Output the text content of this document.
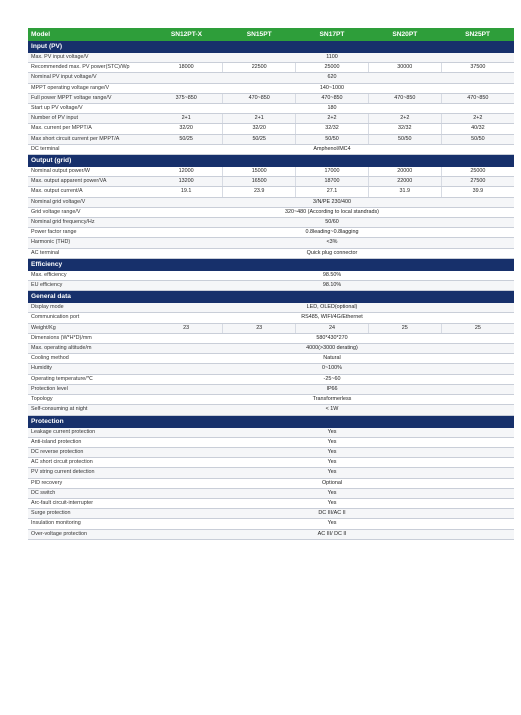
Model	SN12PT-X	SN15PT	SN17PT	SN20PT	SN25PT
Input (PV)					
Max. PV input voltage/V	1100				
Recommended max. PV power(STC)/Wp	18000	22500	25000	30000	37500
Nominal PV input voltage/V	620				
MPPT operating voltage range/V	140~1000				
Full power MPPT voltage range/V	375~850	470~850	470~850	470~850	470~850
Start up PV voltage/V	180				
Number of PV input	2+1	2+1	2+2	2+2	2+2
Max. current per MPPT/A	32/20	32/20	32/32	32/32	40/32
Max short circuit current per MPPT/A	50/25	50/25	50/50	50/50	50/50
DC terminal	Amphenol/MC4				
Output (grid)					
Nominal output power/W	12000	15000	17000	20000	25000
Max. output apparent power/VA	13200	16500	18700	22000	27500
Max. output current/A	19.1	23.9	27.1	31.9	39.9
Nominal grid voltage/V	3/N/PE 230/400				
Grid voltage range/V	320~480 (According to local standrads)				
Nominal grid frequency/Hz	50/60				
Power factor range	0.8leading~0.8lagging				
Harmonic (THD)	<3%				
AC terminal	Quick plug connector				
Efficiency					
Max. efficiency	98.50%				
EU efficiency	98.10%				
General data					
Display mode	LED, OLED(optional)				
Communication port	RS485, WIFI/4G/Ethernet				
Weight/Kg	23	23	24	25	25
Dimensions (W*H*D)/mm	580*430*270				
Max. operating altitude/m	4000(>3000 derating)				
Cooling method	Natural				
Humidity	0~100%				
Operating temperature/℃	-25~60				
Protection level	IP66				
Topology	Transformerless				
Self-consuming at night	< 1W				
Protection					
Leakage current protection	Yes				
Anti-island protection	Yes				
DC reverse protection	Yes				
AC short circuit protection	Yes				
PV string current detection	Yes				
PID recovery	Optional				
DC switch	Yes				
Arc-fault circuit-interrupter	Yes				
Surge protection	DC III/AC II				
Insulation monitoring	Yes				
Over-voltage protection	AC III/ DC II				
